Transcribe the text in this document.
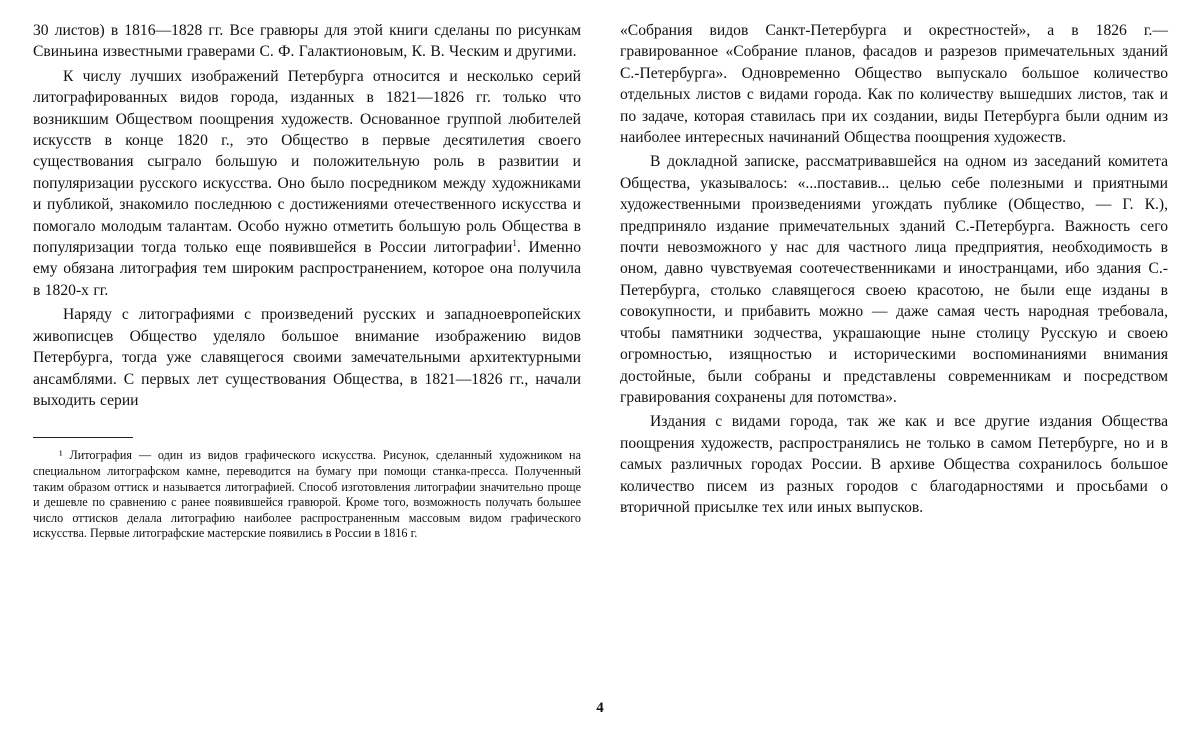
30 листов) в 1816—1828 гг. Все гравюры для этой книги сделаны по рисункам Свиньина известными граверами С. Ф. Галактионовым, К. В. Ческим и другими.

К числу лучших изображений Петербурга относится и несколько серий литографированных видов города, изданных в 1821—1826 гг. только что возникшим Обществом поощрения художеств. Основанное группой любителей искусств в конце 1820 г., это Общество в первые десятилетия своего существования сыграло большую и положительную роль в развитии и популяризации русского искусства. Оно было посредником между художниками и публикой, знакомило последнюю с достижениями отечественного искусства и помогало молодым талантам. Особо нужно отметить большую роль Общества в популяризации тогда только еще появившейся в России литографии$^1$. Именно ему обязана литография тем широким распространением, которое она получила в 1820-х гг.

Наряду с литографиями с произведений русских и западноевропейских живописцев Общество уделяло большое внимание изображению видов Петербурга, тогда уже славящегося своими замечательными архитектурными ансамблями. С первых лет существования Общества, в 1821—1826 гг., начали выходить серии

¹ Литография — один из видов графического искусства. Рисунок, сделанный художником на специальном литографском камне, переводится на бумагу при помощи станка-пресса. Полученный таким образом оттиск и называется литографией. Способ изготовления литографии значительно проще и дешевле по сравнению с ранее появившейся гравюрой. Кроме того, возможность получать большее число оттисков делала литографию наиболее распространенным массовым видом графического искусства. Первые литографские мастерские появились в России в 1816 г.

«Собрания видов Санкт-Петербурга и окрестностей», а в 1826 г.— гравированное «Собрание планов, фасадов и разрезов примечательных зданий С.-Петербурга». Одновременно Общество выпускало большое количество отдельных листов с видами города. Как по количеству вышедших листов, так и по задаче, которая ставилась при их создании, виды Петербурга были одним из наиболее интересных начинаний Общества поощрения художеств.

В докладной записке, рассматривавшейся на одном из заседаний комитета Общества, указывалось: «...поставив... целью себе полезными и приятными художественными произведениями угождать публике (Общество, — Г. К.), предприняло издание примечательных зданий С.-Петербурга. Важность сего почти невозможного у нас для частного лица предприятия, необходимость в оном, давно чувствуемая соотечественниками и иностранцами, ибо здания С.-Петербурга, столько славящегося своею красотою, не были еще изданы в совокупности, и прибавить можно — даже самая честь народная требовала, чтобы памятники зодчества, украшающие ныне столицу Русскую и своею огромностью, изящностью и историческими воспоминаниями внимания достойные, были собраны и представлены современникам и посредством гравирования сохранены для потомства».

Издания с видами города, так же как и все другие издания Общества поощрения художеств, распространялись не только в самом Петербурге, но и в самых различных городах России. В архиве Общества сохранилось большое количество писем из разных городов с благодарностями и просьбами о вторичной присылке тех или иных выпусков.

4
